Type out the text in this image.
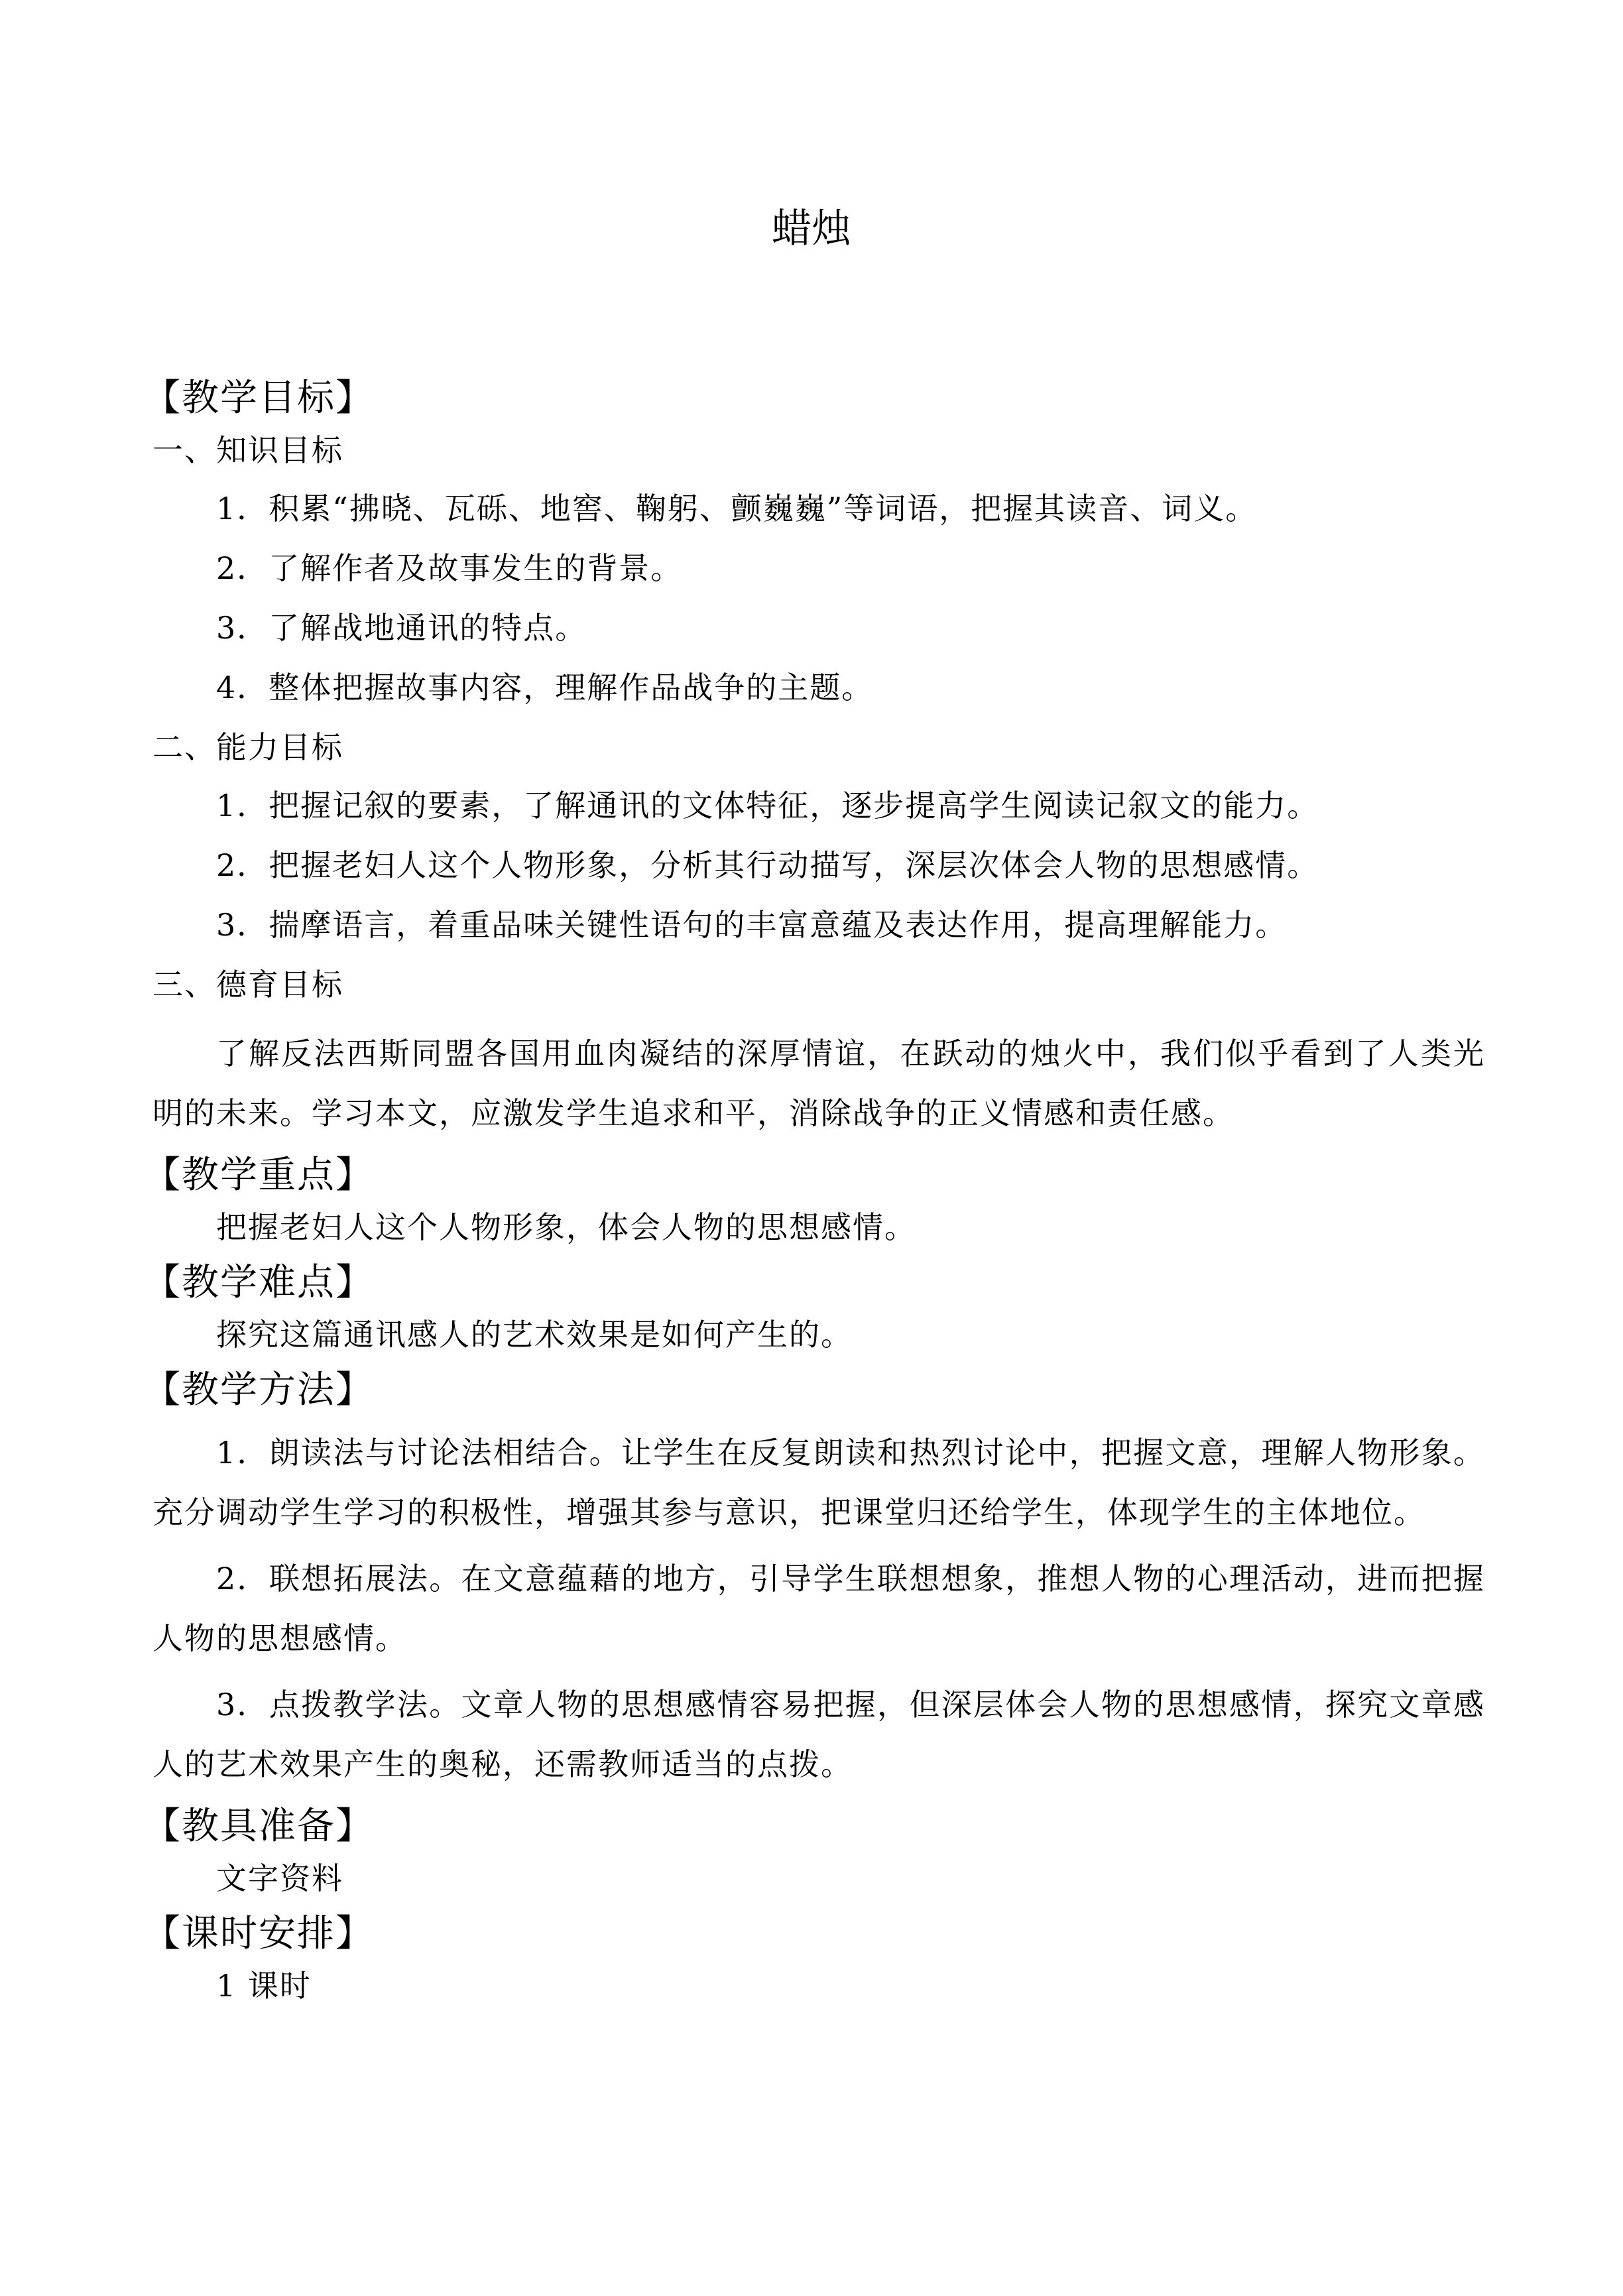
蜡烛
【教学目标】
一、知识目标
1．积累“拂晓、瓦砾、地窖、鞠躬、颤巍巍”等词语，把握其读音、词义。
2．了解作者及故事发生的背景。
3．了解战地通讯的特点。
4．整体把握故事内容，理解作品战争的主题。
二、能力目标
1．把握记叙的要素，了解通讯的文体特征，逐步提高学生阅读记叙文的能力。
2．把握老妇人这个人物形象，分析其行动描写，深层次体会人物的思想感情。
3．揣摩语言，着重品味关键性语句的丰富意蕴及表达作用，提高理解能力。
三、德育目标
了解反法西斯同盟各国用血肉凝结的深厚情谊，在跃动的烛火中，我们似乎看到了人类光明的未来。学习本文，应激发学生追求和平，消除战争的正义情感和责任感。
【教学重点】
把握老妇人这个人物形象，体会人物的思想感情。
【教学难点】
探究这篇通讯感人的艺术效果是如何产生的。
【教学方法】
1．朗读法与讨论法相结合。让学生在反复朗读和热烈讨论中，把握文意，理解人物形象。充分调动学生学习的积极性，增强其参与意识，把课堂归还给学生，体现学生的主体地位。
2．联想拓展法。在文意蕴藉的地方，引导学生联想想象，推想人物的心理活动，进而把握人物的思想感情。
3．点拨教学法。文章人物的思想感情容易把握，但深层体会人物的思想感情，探究文章感人的艺术效果产生的奥秘，还需教师适当的点拨。
【教具准备】
文字资料
【课时安排】
1 课时
